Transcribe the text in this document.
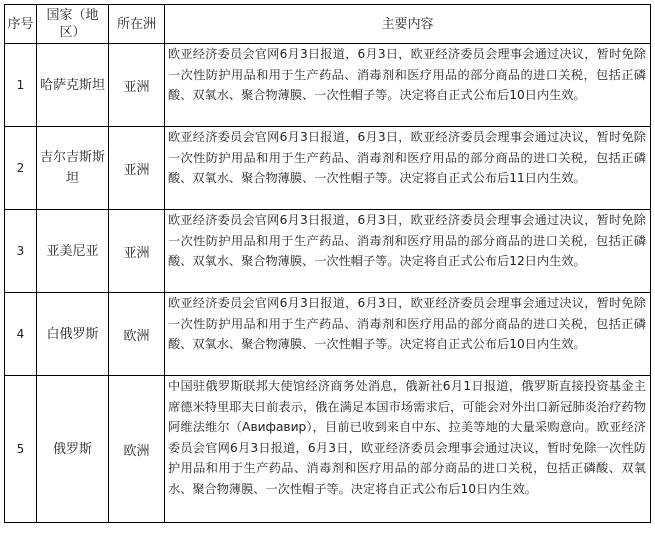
序号	国家（地区）	所在洲	主要内容
1	哈萨克斯坦	亚洲	欧亚经济委员会官网6月3日报道，6月3日，欧亚经济委员会理事会通过决议，暂时免除一次性防护用品和用于生产药品、消毒剂和医疗用品的部分商品的进口关税，包括正磷酸、双氧水、聚合物薄膜、一次性帽子等。决定将自正式公布后10日内生效。
2	吉尔吉斯斯坦	亚洲	欧亚经济委员会官网6月3日报道，6月3日，欧亚经济委员会理事会通过决议，暂时免除一次性防护用品和用于生产药品、消毒剂和医疗用品的部分商品的进口关税，包括正磷酸、双氧水、聚合物薄膜、一次性帽子等。决定将自正式公布后11日内生效。
3	亚美尼亚	亚洲	欧亚经济委员会官网6月3日报道，6月3日，欧亚经济委员会理事会通过决议，暂时免除一次性防护用品和用于生产药品、消毒剂和医疗用品的部分商品的进口关税，包括正磷酸、双氧水、聚合物薄膜、一次性帽子等。决定将自正式公布后12日内生效。
4	白俄罗斯	欧洲	欧亚经济委员会官网6月3日报道，6月3日，欧亚经济委员会理事会通过决议，暂时免除一次性防护用品和用于生产药品、消毒剂和医疗用品的部分商品的进口关税，包括正磷酸、双氧水、聚合物薄膜、一次性帽子等。决定将自正式公布后10日内生效。
5	俄罗斯	欧洲	中国驻俄罗斯联邦大使馆经济商务处消息，俄新社6月1日报道，俄罗斯直接投资基金主席德米特里耶夫日前表示，俄在满足本国市场需求后，可能会对外出口新冠肺炎治疗药物阿维法维尔（Авифавир），目前已收到来自中东、拉美等地的大量采购意向。欧亚经济委员会官网6月3日报道，6月3日，欧亚经济委员会理事会通过决议，暂时免除一次性防护用品和用于生产药品、消毒剂和医疗用品的部分商品的进口关税，包括正磷酸、双氧水、聚合物薄膜、一次性帽子等。决定将自正式公布后10日内生效。
